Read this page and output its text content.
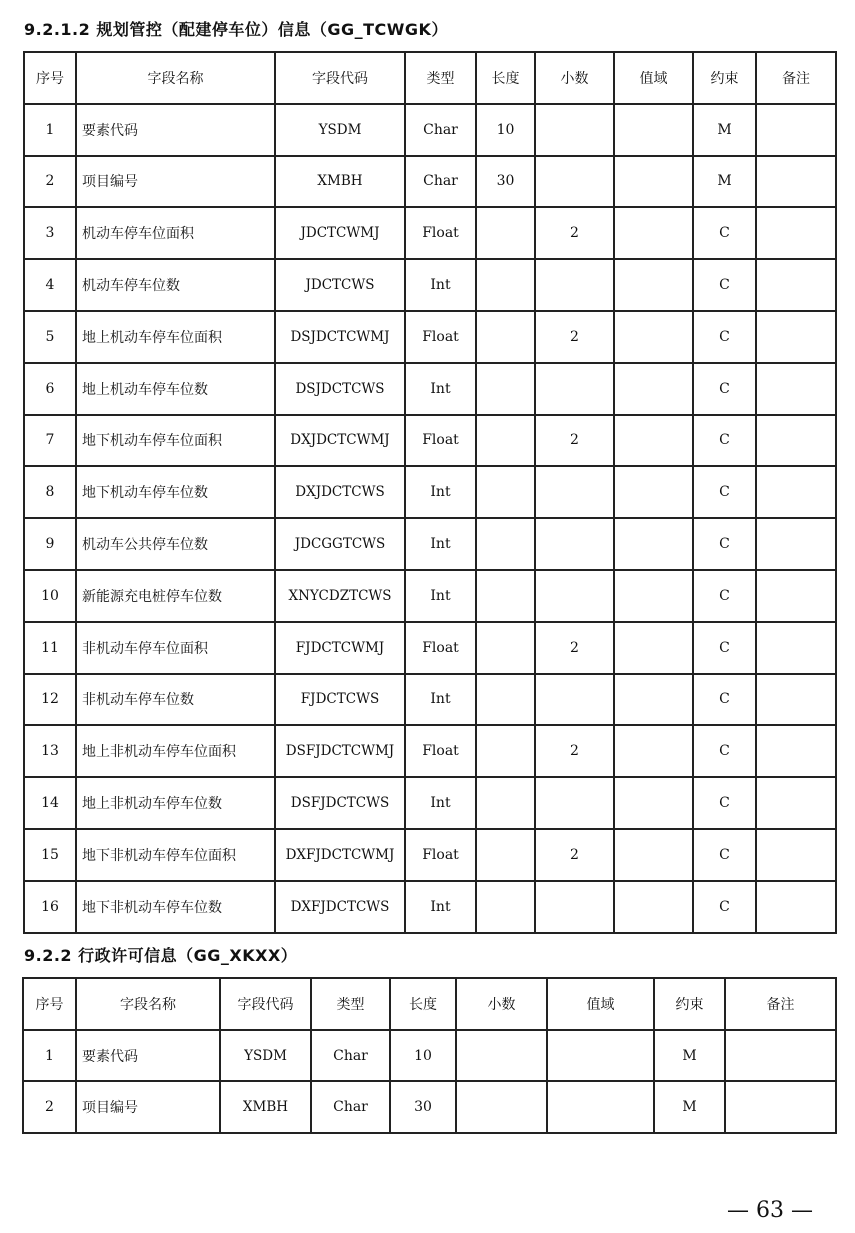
9.2.1.2 规划管控（配建停车位）信息（GG_TCWGK）
序号	字段名称	字段代码	类型	长度	小数	值域	约束	备注
1	要素代码	YSDM	Char	10			M	
2	项目编号	XMBH	Char	30			M	
3	机动车停车位面积	JDCTCWMJ	Float		2		C	
4	机动车停车位数	JDCTCWS	Int				C	
5	地上机动车停车位面积	DSJDCTCWMJ	Float		2		C	
6	地上机动车停车位数	DSJDCTCWS	Int				C	
7	地下机动车停车位面积	DXJDCTCWMJ	Float		2		C	
8	地下机动车停车位数	DXJDCTCWS	Int				C	
9	机动车公共停车位数	JDCGGTCWS	Int				C	
10	新能源充电桩停车位数	XNYCDZTCWS	Int				C	
11	非机动车停车位面积	FJDCTCWMJ	Float		2		C	
12	非机动车停车位数	FJDCTCWS	Int				C	
13	地上非机动车停车位面积	DSFJDCTCWMJ	Float		2		C	
14	地上非机动车停车位数	DSFJDCTCWS	Int				C	
15	地下非机动车停车位面积	DXFJDCTCWMJ	Float		2		C	
16	地下非机动车停车位数	DXFJDCTCWS	Int				C	
9.2.2 行政许可信息（GG_XKXX）
序号	字段名称	字段代码	类型	长度	小数	值域	约束	备注
1	要素代码	YSDM	Char	10			M	
2	项目编号	XMBH	Char	30			M	
— 63 —
